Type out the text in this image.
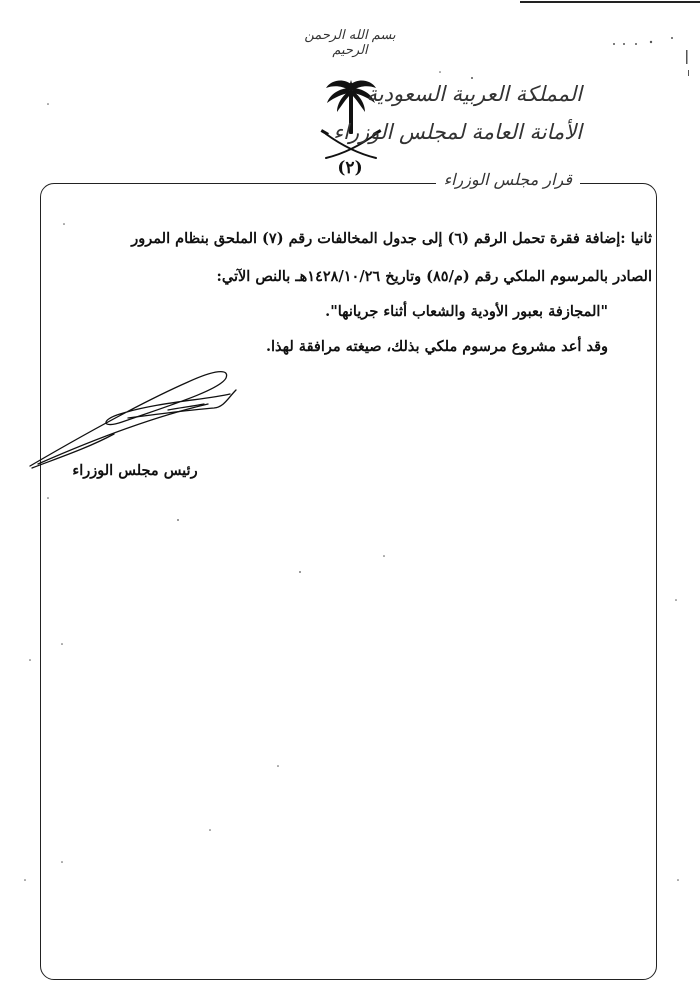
بسم الله الرحمن الرحيم
(٢)
المملكة العربية السعودية
الأمانة العامة لمجلس الوزراء
قرار مجلس الوزراء
ثانيا :إضافة فقرة تحمل الرقم (٦) إلى جدول المخالفات رقم (٧) الملحق بنظام المرور
الصادر بالمرسوم الملكي رقم (م/٨٥) وتاريخ ١٤٢٨/١٠/٢٦هـ بالنص الآتي:
"المجازفة بعبور الأودية والشعاب أثناء جريانها".
وقد أعد مشروع مرسوم ملكي بذلك، صيغته مرافقة لهذا.
رئيس مجلس الوزراء
